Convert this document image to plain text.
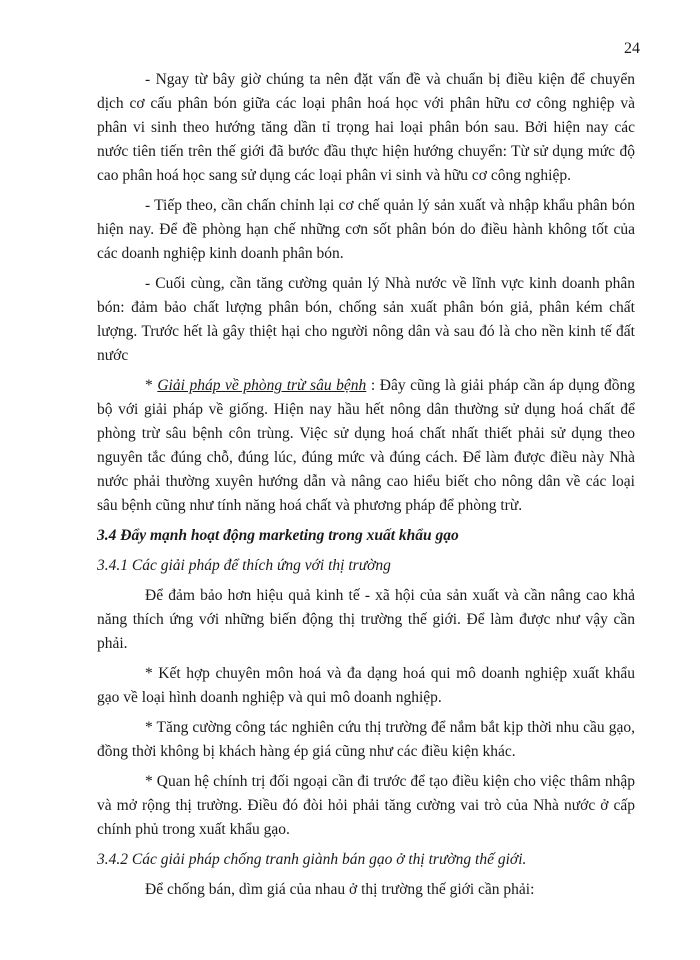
24

- Ngay từ bây giờ chúng ta nên đặt vấn đề và chuẩn bị điều kiện để chuyển dịch cơ cấu phân bón giữa các loại phân hoá học với phân hữu cơ công nghiệp và phân vi sinh theo hướng tăng dần tỉ trọng hai loại phân bón sau. Bởi hiện nay các nước tiên tiến trên thế giới đã bước đầu thực hiện hướng chuyển: Từ sử dụng mức độ cao phân hoá học sang sử dụng các loại phân vi sinh và hữu cơ công nghiệp.

- Tiếp theo, cần chấn chỉnh lại cơ chế quản lý sản xuất và nhập khẩu phân bón hiện nay. Để đề phòng hạn chế những cơn sốt phân bón do điều hành không tốt của các doanh nghiệp kinh doanh phân bón.

- Cuối cùng, cần tăng cường quản lý Nhà nước về lĩnh vực kinh doanh phân bón: đảm bảo chất lượng phân bón, chống sản xuất phân bón giả, phân kém chất lượng. Trước hết là gây thiệt hại cho người nông dân và sau đó là cho nền kinh tế đất nước

* Giải pháp về phòng trừ sâu bệnh : Đây cũng là giải pháp cần áp dụng đồng bộ với giải pháp về giống. Hiện nay hầu hết nông dân thường sử dụng hoá chất để phòng trừ sâu bệnh côn trùng. Việc sử dụng hoá chất nhất thiết phải sử dụng theo nguyên tắc đúng chỗ, đúng lúc, đúng mức và đúng cách. Để làm được điều này Nhà nước phải thường xuyên hướng dẫn và nâng cao hiểu biết cho nông dân về các loại sâu bệnh cũng như tính năng hoá chất và phương pháp để phòng trừ.

3.4 Đẩy mạnh hoạt động marketing trong xuất khẩu gạo
3.4.1 Các giải pháp để thích ứng với thị trường

Để đảm bảo hơn hiệu quả kinh tế - xã hội của sản xuất và cần nâng cao khả năng thích ứng với những biến động thị trường thế giới. Để làm được như vậy cần phải.

* Kết hợp chuyên môn hoá và đa dạng hoá qui mô doanh nghiệp xuất khẩu gạo về loại hình doanh nghiệp và qui mô doanh nghiệp.

* Tăng cường công tác nghiên cứu thị trường để nắm bắt kịp thời nhu cầu gạo, đồng thời không bị khách hàng ép giá cũng như các điều kiện khác.

* Quan hệ chính trị đối ngoại cần đi trước để tạo điều kiện cho việc thâm nhập và mở rộng thị trường. Điều đó đòi hỏi phải tăng cường vai trò của Nhà nước ở cấp chính phủ trong xuất khẩu gạo.

3.4.2 Các giải pháp chống tranh giành bán gạo ở thị trường thế giới.

Để chống bán, dìm giá của nhau ở thị trường thế giới cần phải:
